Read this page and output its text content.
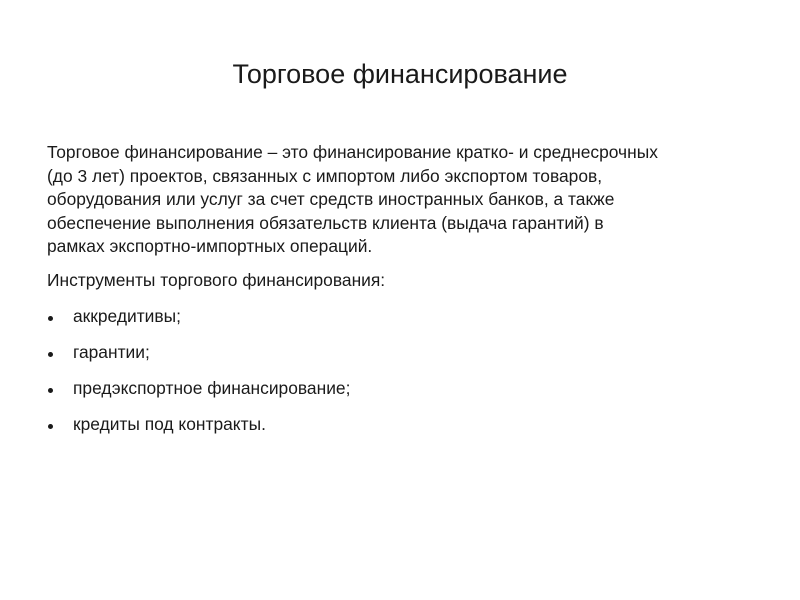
Торговое финансирование
Торговое финансирование – это финансирование кратко- и среднесрочных
(до 3 лет) проектов, связанных с импортом либо экспортом товаров,
оборудования или услуг за счет средств иностранных банков, а также
обеспечение выполнения обязательств клиента (выдача гарантий) в
рамках экспортно-импортных операций.
Инструменты торгового финансирования:
аккредитивы;
гарантии;
предэкспортное финансирование;
кредиты под контракты.
